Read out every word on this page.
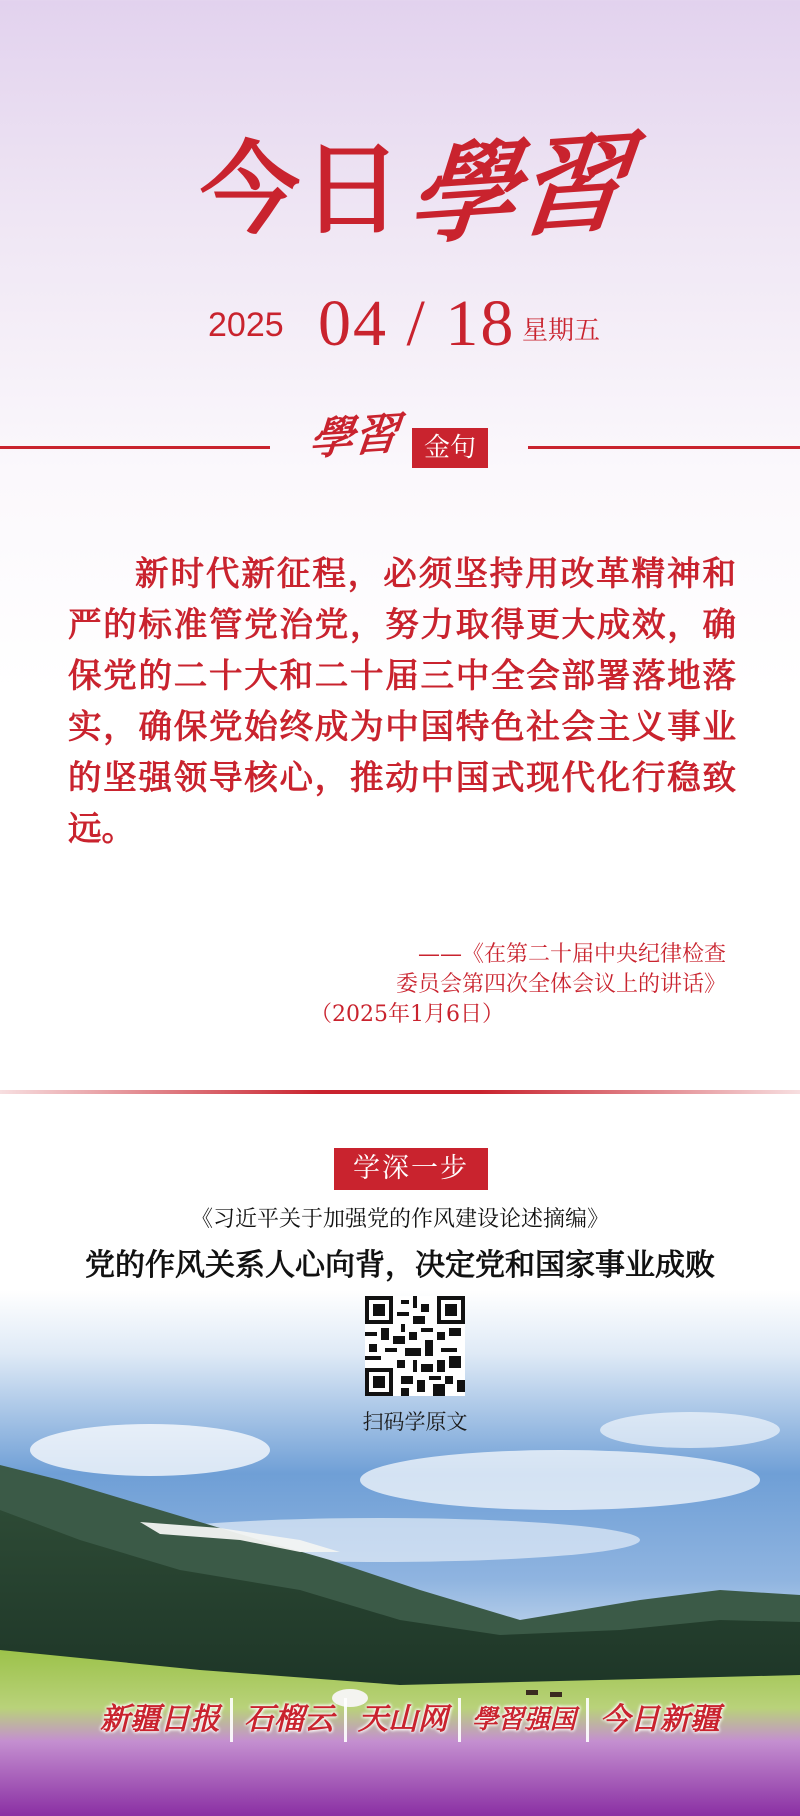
今日
學習
2025 04 / 18 星期五
學習 金句
新时代新征程，必须坚持用改革精神和严的标准管党治党，努力取得更大成效，确保党的二十大和二十届三中全会部署落地落实，确保党始终成为中国特色社会主义事业的坚强领导核心，推动中国式现代化行稳致远。
——《在第二十届中央纪律检查
委员会第四次全体会议上的讲话》
（2025年1月6日）
学深一步
《习近平关于加强党的作风建设论述摘编》
党的作风关系人心向背，决定党和国家事业成败
扫码学原文
新疆日报 石榴云 天山网 學習强国 今日新疆
